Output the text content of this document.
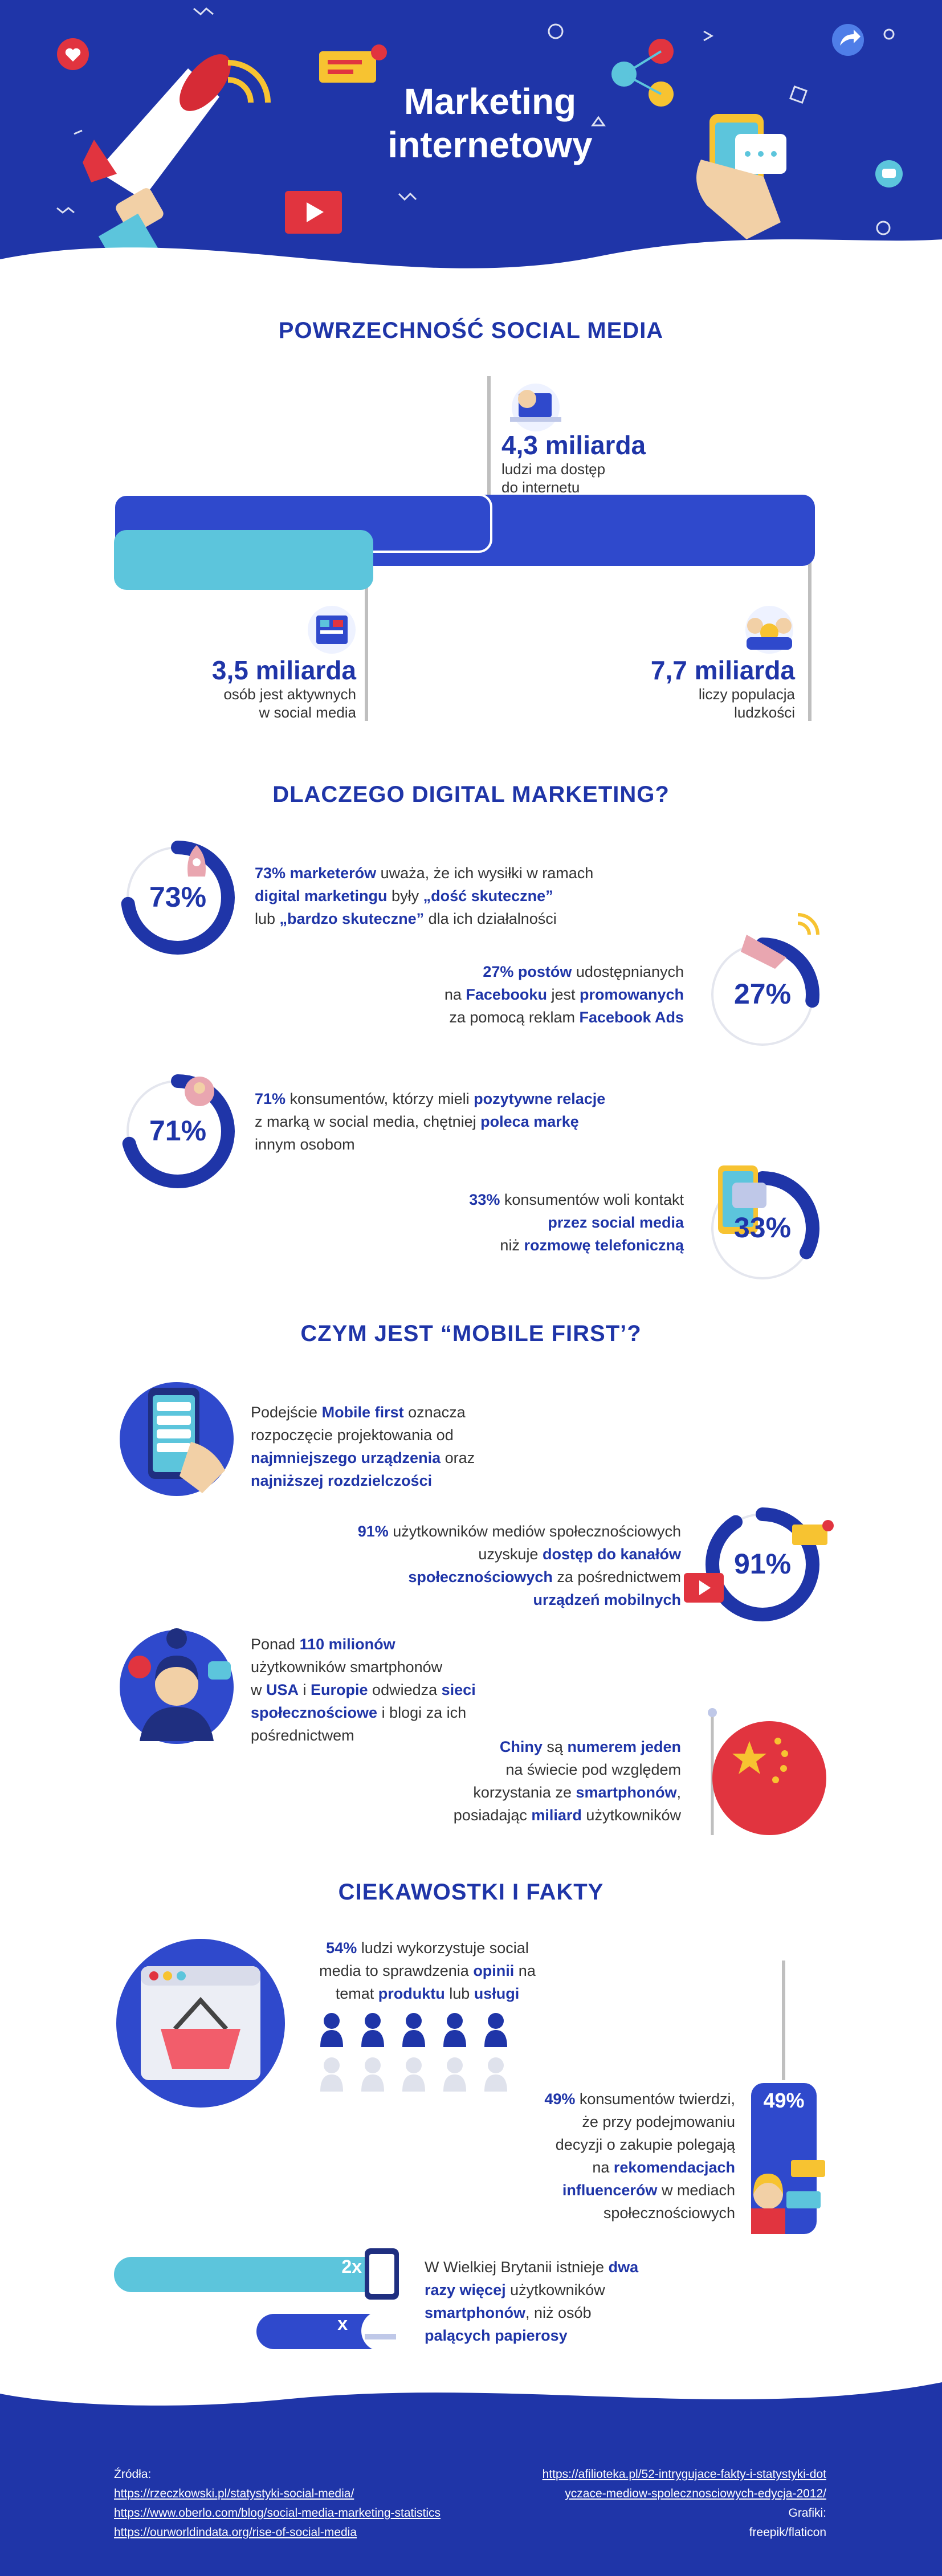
Marketing
internetowy
POWRZECHNOŚĆ SOCIAL MEDIA
4,3 miliarda
ludzi ma dostęp
do internetu
3,5 miliarda
osób jest aktywnych
w social media
7,7 miliarda
liczy populacja
ludzkości
DLACZEGO DIGITAL MARKETING?
73%
27%
71%
33%
73% marketerów uważa, że ich wysiłki w ramach
digital marketingu były „dość skuteczne”
lub „bardzo skuteczne” dla ich działalności
27% postów udostępnianych
na Facebooku jest promowanych
za pomocą reklam Facebook Ads
71% konsumentów, którzy mieli pozytywne relacje
z marką w social media, chętniej poleca markę
innym osobom
33% konsumentów woli kontakt
przez social media
niż rozmowę telefoniczną
CZYM JEST “MOBILE FIRST’?
Podejście Mobile first oznacza
rozpoczęcie projektowania od
najmniejszego urządzenia oraz
najniższej rozdzielczości
91%
91% użytkowników mediów społecznościowych
uzyskuje dostęp do kanałów
społecznościowych za pośrednictwem
urządzeń mobilnych
Ponad 110 milionów
użytkowników smartphonów
w USA i Europie odwiedza sieci
społecznościowe i blogi za ich
pośrednictwem
Chiny są numerem jeden
na świecie pod względem
korzystania ze smartphonów,
posiadając miliard użytkowników
CIEKAWOSTKI I FAKTY
54% ludzi wykorzystuje social
media to sprawdzenia opinii na
temat produktu lub usługi
49%
49% konsumentów twierdzi,
że przy podejmowaniu
decyzji o zakupie polegają
na rekomendacjach
influencerów w mediach
społecznościowych
2x
x
W Wielkiej Brytanii istnieje dwa
razy więcej użytkowników
smartphonów, niż osób
palących papierosy
Źródła:
https://rzeczkowski.pl/statystyki-social-media/
https://www.oberlo.com/blog/social-media-marketing-statistics
https://ourworldindata.org/rise-of-social-media
https://afilioteka.pl/52-intrygujace-fakty-i-statystyki-dot
yczace-mediow-spolecznosciowych-edycja-2012/
Grafiki:
freepik/flaticon
